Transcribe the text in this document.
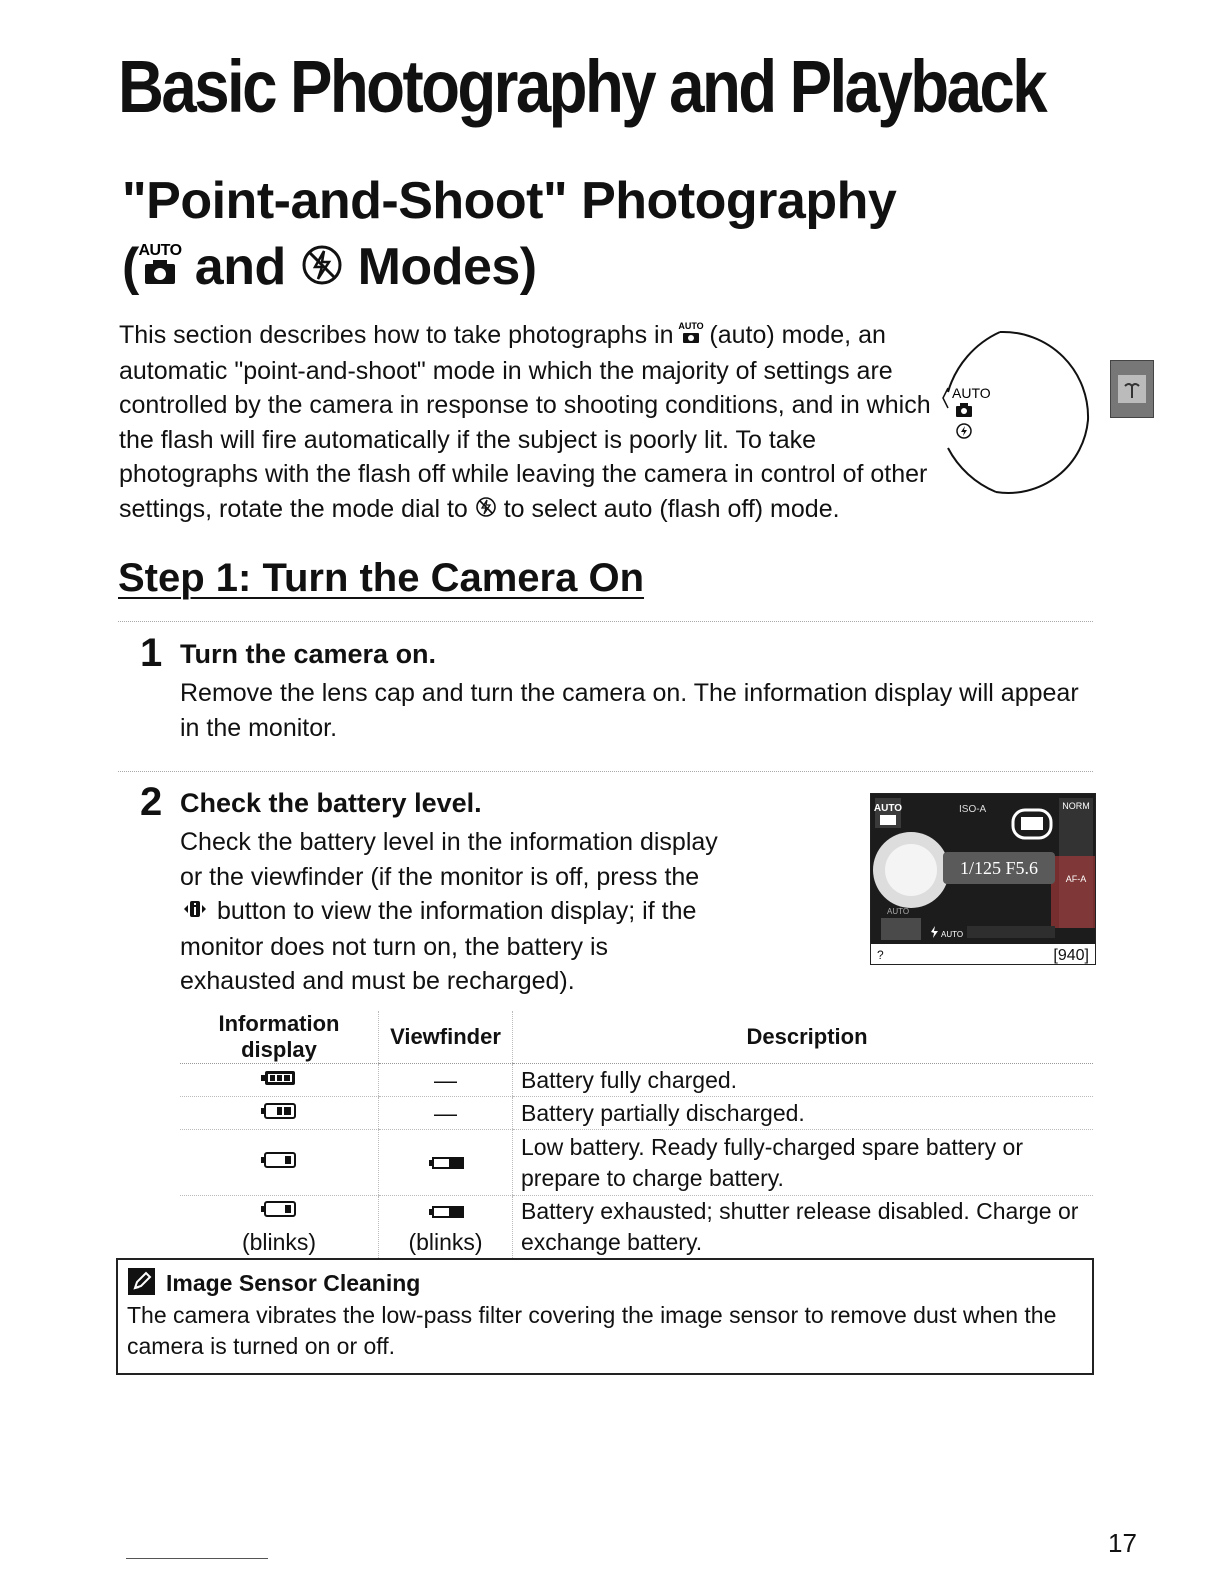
Basic Photography and Playback
"Point-and-Shoot" Photography
( AUTO and  Modes)

This section describes how to take photographs in
AUTO
(auto) mode, an automatic "point-and-shoot" mode in which the majority of settings are controlled by the camera in response to shooting conditions, and in which the flash will fire automatically if the subject is poorly lit. To take photographs with the flash off while leaving the camera in control of other settings, rotate the mode dial to  to select auto (flash off) mode.

AUTO
Step 1: Turn the Camera On
1 Turn the camera on.
Remove the lens cap and turn the camera on. The information display will appear in the monitor.
2 Check the battery level.
Check the battery level in the information display or the viewfinder (if the monitor is off, press the  button to view the information display; if the monitor does not turn on, the battery is exhausted and must be recharged).
AUTO	ISO-A	NORM
AF-A
1/125 F5.6
AUTO
AUTO
?	[940]
Information display	Viewfinder	Description
	—	Battery fully charged.
	—	Battery partially discharged.
		Low battery. Ready fully-charged spare battery or prepare to charge battery.

(blinks)	(blinks)	Battery exhausted; shutter release disabled. Charge or exchange battery.
Image Sensor Cleaning
The camera vibrates the low-pass filter covering the image sensor to remove dust when the camera is turned on or off.
17
